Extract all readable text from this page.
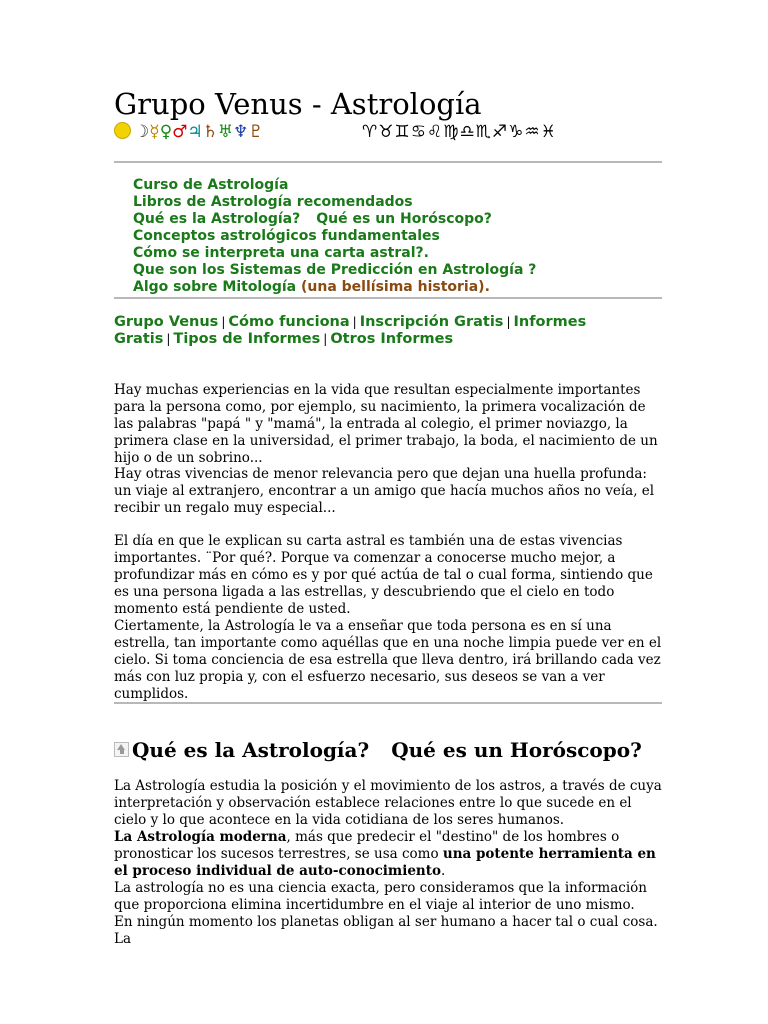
Grupo Venus - Astrología
☽☿♀♂♃♄♅♆♇	♈♉♊♋♌♍♎♏♐♑♒♓
Curso de Astrología
Libros de Astrología recomendados
Qué es la Astrología? Qué es un Horóscopo?
Conceptos astrológicos fundamentales
Cómo se interpreta una carta astral?.
Que son los Sistemas de Predicción en Astrología ?
Algo sobre Mitología (una bellísima historia).
Grupo Venus | Cómo funciona | Inscripción Gratis | Informes Gratis | Tipos de Informes | Otros Informes
Hay muchas experiencias en la vida que resultan especialmente importantes para la persona como, por ejemplo, su nacimiento, la primera vocalización de las palabras "papá " y "mamá", la entrada al colegio, el primer noviazgo, la primera clase en la universidad, el primer trabajo, la boda, el nacimiento de un hijo o de un sobrino...
Hay otras vivencias de menor relevancia pero que dejan una huella profunda: un viaje al extranjero, encontrar a un amigo que hacía muchos años no veía, el recibir un regalo muy especial...
El día en que le explican su carta astral es también una de estas vivencias importantes. ¨Por qué?. Porque va comenzar a conocerse mucho mejor, a profundizar más en cómo es y por qué actúa de tal o cual forma, sintiendo que es una persona ligada a las estrellas, y descubriendo que el cielo en todo momento está pendiente de usted.
Ciertamente, la Astrología le va a enseñar que toda persona es en sí una estrella, tan importante como aquéllas que en una noche limpia puede ver en el cielo. Si toma conciencia de esa estrella que lleva dentro, irá brillando cada vez más con luz propia y, con el esfuerzo necesario, sus deseos se van a ver cumplidos.
Qué es la Astrología? Qué es un Horóscopo?
La Astrología estudia la posición y el movimiento de los astros, a través de cuya interpretación y observación establece relaciones entre lo que sucede en el cielo y lo que acontece en la vida cotidiana de los seres humanos.
La Astrología moderna, más que predecir el "destino" de los hombres o pronosticar los sucesos terrestres, se usa como una potente herramienta en el proceso individual de auto-conocimiento.
La astrología no es una ciencia exacta, pero consideramos que la información que proporciona elimina incertidumbre en el viaje al interior de uno mismo.
En ningún momento los planetas obligan al ser humano a hacer tal o cual cosa. La
